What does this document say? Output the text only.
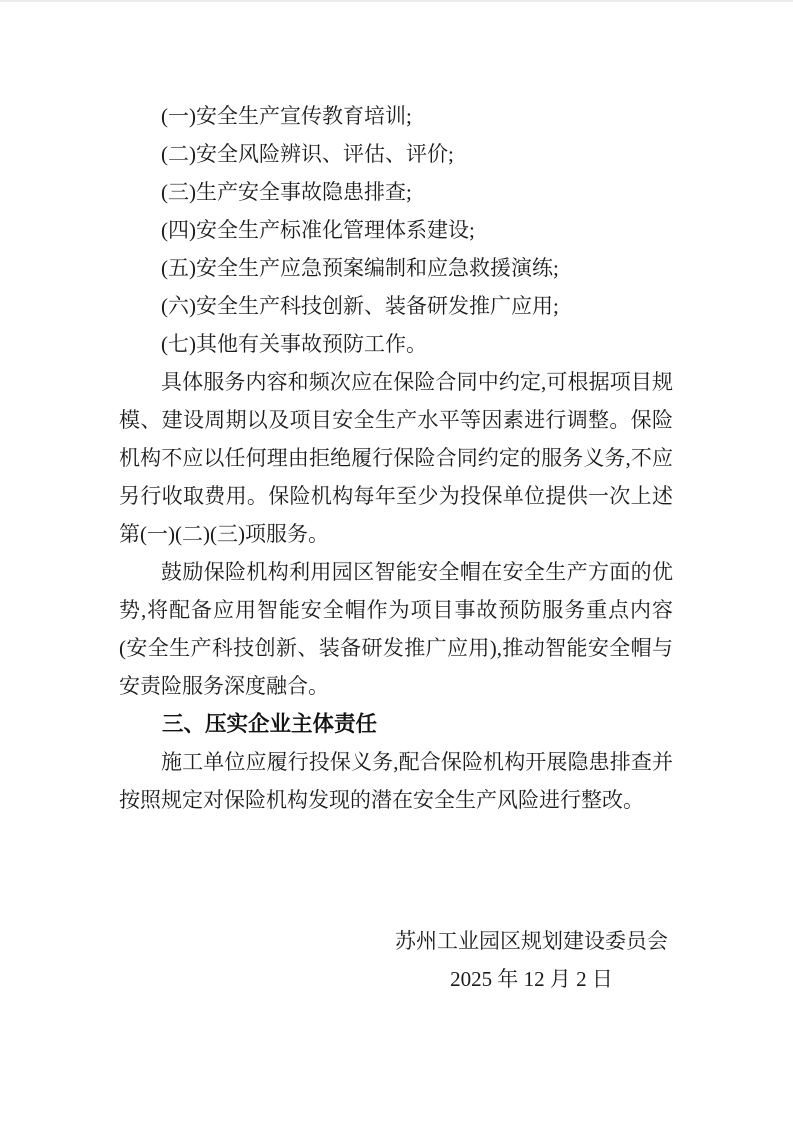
(一)安全生产宣传教育培训;

(二)安全风险辨识、评估、评价;

(三)生产安全事故隐患排查;

(四)安全生产标准化管理体系建设;

(五)安全生产应急预案编制和应急救援演练;

(六)安全生产科技创新、装备研发推广应用;

(七)其他有关事故预防工作。

具体服务内容和频次应在保险合同中约定,可根据项目规模、建设周期以及项目安全生产水平等因素进行调整。保险机构不应以任何理由拒绝履行保险合同约定的服务义务,不应另行收取费用。保险机构每年至少为投保单位提供一次上述第(一)(二)(三)项服务。

鼓励保险机构利用园区智能安全帽在安全生产方面的优势,将配备应用智能安全帽作为项目事故预防服务重点内容(安全生产科技创新、装备研发推广应用),推动智能安全帽与安责险服务深度融合。

三、压实企业主体责任

施工单位应履行投保义务,配合保险机构开展隐患排查并按照规定对保险机构发现的潜在安全生产风险进行整改。

苏州工业园区规划建设委员会
2025 年 12 月 2 日
